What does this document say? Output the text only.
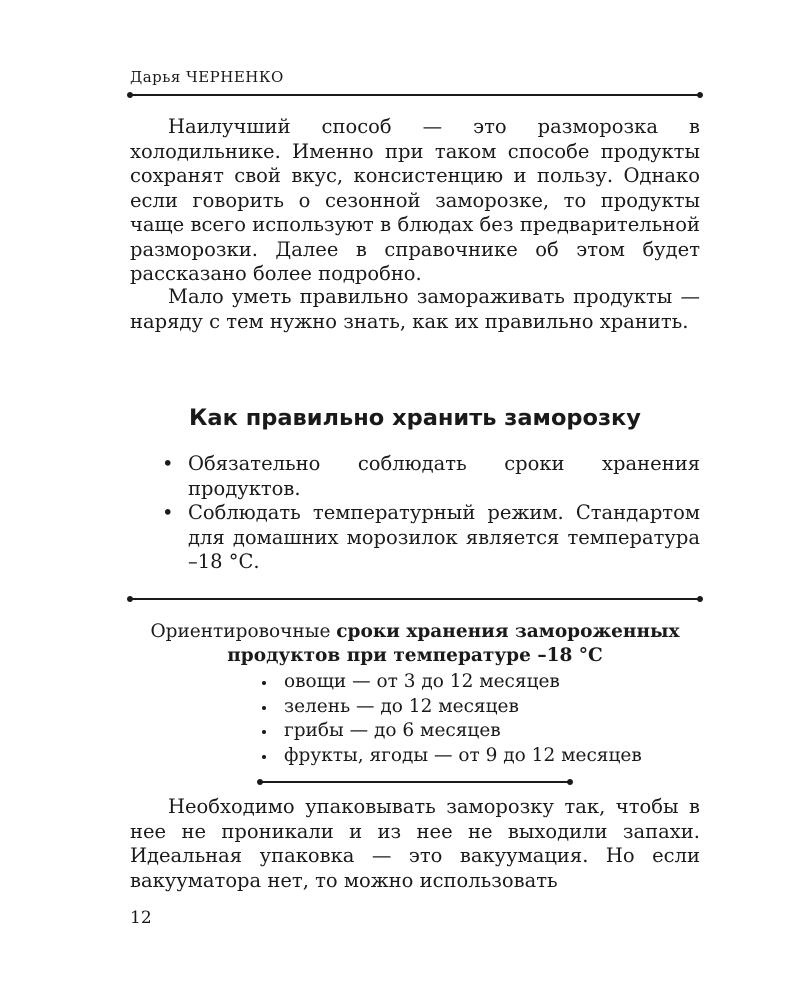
Дарья ЧЕРНЕНКО

Наилучший способ — это разморозка в холодильнике. Именно при таком способе продукты сохранят свой вкус, консистенцию и пользу. Однако если говорить о сезонной заморозке, то продукты чаще всего используют в блюдах без предварительной разморозки. Далее в справочнике об этом будет рассказано более подробно.

Мало уметь правильно замораживать продукты — наряду с тем нужно знать, как их правильно хранить.

Как правильно хранить заморозку
• Обязательно соблюдать сроки хранения продуктов.
• Соблюдать температурный режим. Стандартом для домашних морозилок является температура –18 °С.

Ориентировочные сроки хранения замороженных продуктов при температуре –18 °С

овощи — от 3 до 12 месяцев
зелень — до 12 месяцев
грибы — до 6 месяцев
фрукты, ягоды — от 9 до 12 месяцев

Необходимо упаковывать заморозку так, чтобы в нее не проникали и из нее не выходили запахи. Идеальная упаковка — это вакуумация. Но если вакууматора нет, то можно использовать

12
